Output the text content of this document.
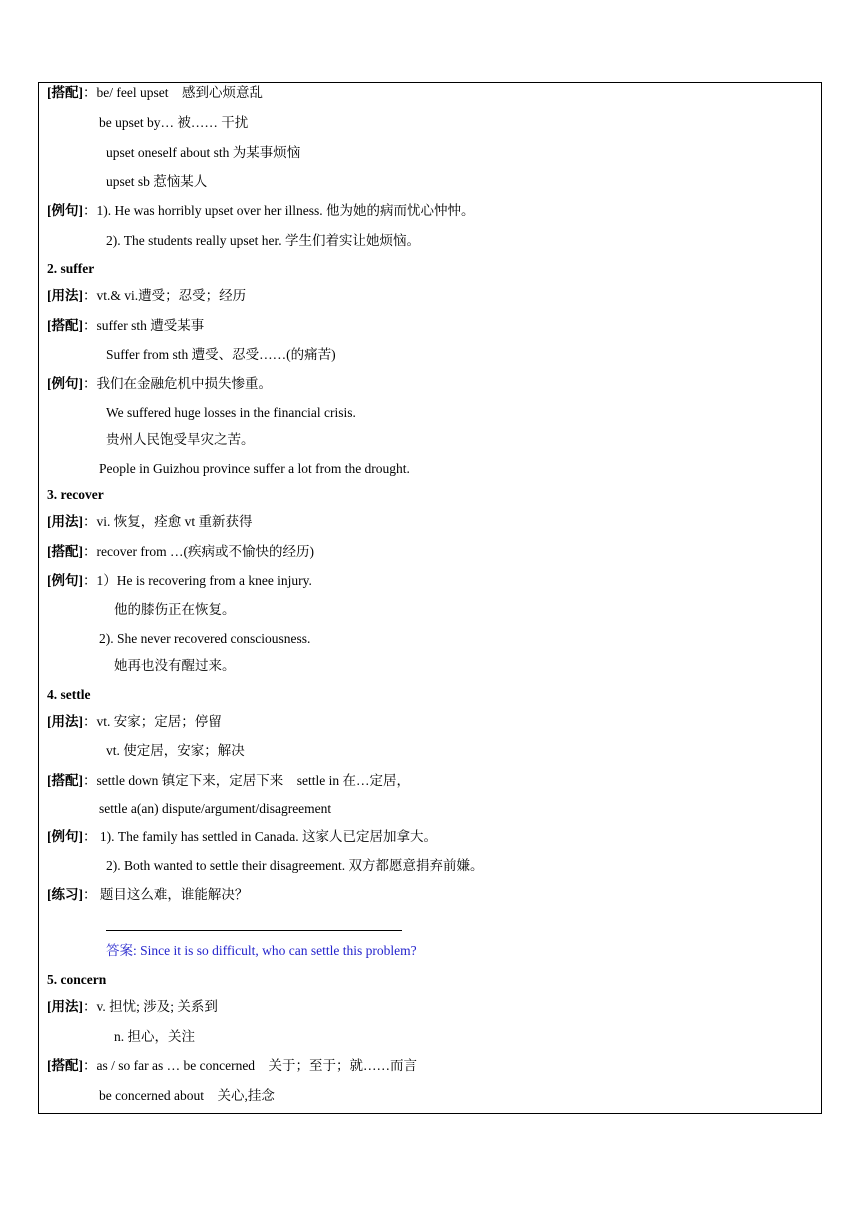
[搭配]：be/ feel upset　感到心烦意乱
be upset by… 被…… 干扰
upset oneself about sth 为某事烦恼
upset sb 惹恼某人
[例句]：1). He was horribly upset over her illness. 他为她的病而忧心忡忡。
2). The students really upset her. 学生们着实让她烦恼。
2. suffer
[用法]：vt.& vi.遭受；忍受；经历
[搭配]：suffer sth 遭受某事
Suffer from sth 遭受、忍受……(的痛苦)
[例句]：我们在金融危机中损失惨重。
We suffered huge losses in the financial crisis.
贵州人民饱受旱灾之苦。
People in Guizhou province suffer a lot from the drought.
3. recover
[用法]：vi. 恢复，痊愈 vt 重新获得
[搭配]：recover from …(疾病或不愉快的经历)
[例句]：1）He is recovering from a knee injury.
他的膝伤正在恢复。
2). She never recovered consciousness.
她再也没有醒过来。
4. settle
[用法]：vt. 安家；定居；停留
vt. 使定居，安家；解决
[搭配]：settle down 镇定下来，定居下来　settle in 在…定居，
settle a(an) dispute/argument/disagreement
[例句]： 1). The family has settled in Canada. 这家人已定居加拿大。
2). Both wanted to settle their disagreement. 双方都愿意捐弃前嫌。
[练习]： 题目这么难，谁能解决？
答案: Since it is so difficult, who can settle this problem?
5. concern
[用法]：v. 担忧; 涉及; 关系到
n. 担心，关注
[搭配]：as / so far as … be concerned　关于；至于；就……而言
be concerned about　关心,挂念
